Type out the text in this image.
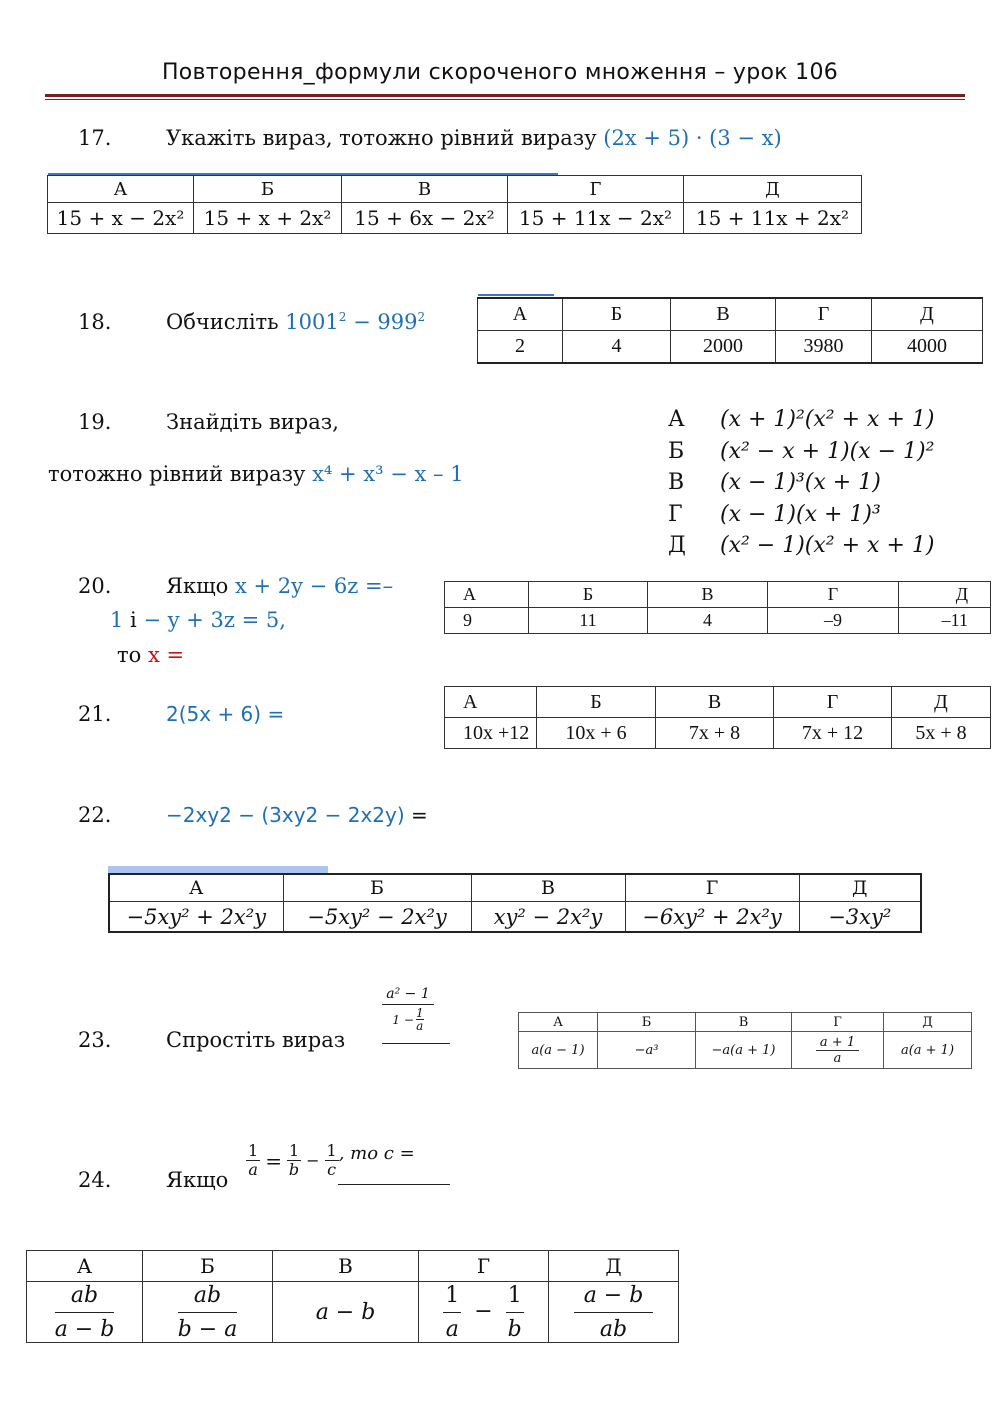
Повторення_формули скороченого множення – урок 106
17.	Укажіть вираз, тотожно рівний виразу (2x + 5) · (3 − x)
А	Б	В	Г	Д
15 + x − 2x²	15 + x + 2x²	15 + 6x − 2x²	15 + 11x − 2x²	15 + 11x + 2x²
18.	Обчисліть $1001^2 - 999^2$	А	Б	В	Г	Д
2	4	2000	3980	4000
19.	Знайдіть вираз,
тотожно рівний виразу x⁴ + x³ − x – 1
А (x + 1)²(x² + x + 1)
Б (x² − x + 1)(x − 1)²
В (x − 1)³(x + 1)
Г (x − 1)(x + 1)³
Д (x² − 1)(x² + x + 1)
20.	Якщо x + 2y − 6z =–
1 і − y + 3z = 5,
то x =
А	Б	В	Г	Д
9	11	4	–9	–11
21.	2(5x + 6) =
А	Б	В	Г	Д
10x +12	10x + 6	7x + 8	7x + 12	5x + 8
22.	−2xy2 − (3xy2 − 2x2y) =
А	Б	В	Г	Д
−5xy² + 2x²y	−5xy² − 2x²y	xy² − 2x²y	−6xy² + 2x²y	−3xy²
23.	Спростіть вираз
$\frac{\text{a² − 1}}{1 - \frac{1}{a}}$	А	Б	В	Г	Д
a(a − 1)	−a³	−a(a + 1)	$\frac{a + 1}{a}$	a(a + 1)
24.	Якщо
$\frac{1}{a} = \frac{1}{b} - \frac{1}{c}$ , то c =
А	Б	В	Г	Д

$\frac{ab}{a - b}$	$\frac{ab}{b - a}$	a − b	$\frac{1}{a} - \frac{1}{b}$	$\frac{a - b}{ab}$
